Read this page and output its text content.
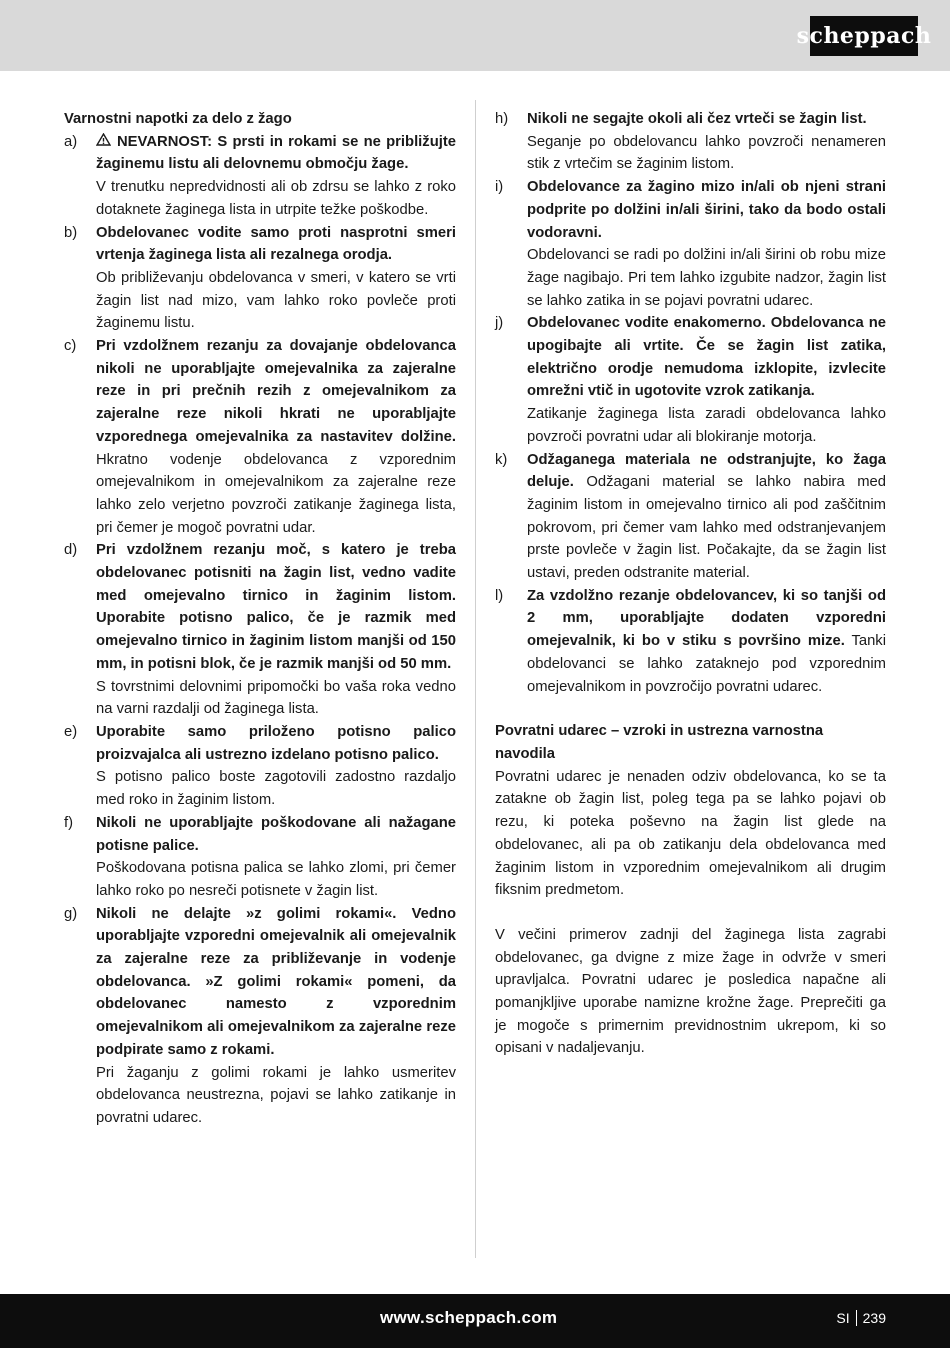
scheppach

Varnostni napotki za delo z žago

a)	NEVARNOST: S prsti in rokami se ne približujte žaginemu listu ali delovnemu območju žage.

V trenutku nepredvidnosti ali ob zdrsu se lahko z roko dotaknete žaginega lista in utrpite težke poškodbe.

b)	Obdelovanec vodite samo proti nasprotni smeri vrtenja žaginega lista ali rezalnega orodja.

Ob približevanju obdelovanca v smeri, v katero se vrti žagin list nad mizo, vam lahko roko povleče proti žaginemu listu.

c)	Pri vzdolžnem rezanju za dovajanje obdelovanca nikoli ne uporabljajte omejevalnika za zajeralne reze in pri prečnih rezih z omejevalnikom za zajeralne reze nikoli hkrati ne uporabljajte vzporednega omejevalnika za nastavitev dolžine. Hkratno vodenje obdelovanca z vzporednim omejevalnikom in omejevalnikom za zajeralne reze lahko zelo verjetno povzroči zatikanje žaginega lista, pri čemer je mogoč povratni udar.

d)	Pri vzdolžnem rezanju moč, s katero je treba obdelovanec potisniti na žagin list, vedno vadite med omejevalno tirnico in žaginim listom. Uporabite potisno palico, če je razmik med omejevalno tirnico in žaginim listom manjši od 150 mm, in potisni blok, če je razmik manjši od 50 mm.

S tovrstnimi delovnimi pripomočki bo vaša roka vedno na varni razdalji od žaginega lista.

e)	Uporabite samo priloženo potisno palico proizvajalca ali ustrezno izdelano potisno palico.

S potisno palico boste zagotovili zadostno razdaljo med roko in žaginim listom.

f)	Nikoli ne uporabljajte poškodovane ali nažagane potisne palice.

Poškodovana potisna palica se lahko zlomi, pri čemer lahko roko po nesreči potisnete v žagin list.

g)	Nikoli ne delajte »z golimi rokami«. Vedno uporabljajte vzporedni omejevalnik ali omejevalnik za zajeralne reze za približevanje in vodenje obdelovanca. »Z golimi rokami« pomeni, da obdelovanec namesto z vzporednim omejevalnikom ali omejevalnikom za zajeralne reze podpirate samo z rokami.

Pri žaganju z golimi rokami je lahko usmeritev obdelovanca neustrezna, pojavi se lahko zatikanje in povratni udarec.

h)	Nikoli ne segajte okoli ali čez vrteči se žagin list.

Seganje po obdelovancu lahko povzroči nenameren stik z vrtečim se žaginim listom.

i)	Obdelovance za žagino mizo in/ali ob njeni strani podprite po dolžini in/ali širini, tako da bodo ostali vodoravni.

Obdelovanci se radi po dolžini in/ali širini ob robu mize žage nagibajo. Pri tem lahko izgubite nadzor, žagin list se lahko zatika in se pojavi povratni udarec.

j)	Obdelovanec vodite enakomerno. Obdelovanca ne upogibajte ali vrtite. Če se žagin list zatika, električno orodje nemudoma izklopite, izvlecite omrežni vtič in ugotovite vzrok zatikanja.

Zatikanje žaginega lista zaradi obdelovanca lahko povzroči povratni udar ali blokiranje motorja.

k)	Odžaganega materiala ne odstranjujte, ko žaga deluje. Odžagani material se lahko nabira med žaginim listom in omejevalno tirnico ali pod zaščitnim pokrovom, pri čemer vam lahko med odstranjevanjem prste povleče v žagin list. Počakajte, da se žagin list ustavi, preden odstranite material.

l)	Za vzdolžno rezanje obdelovancev, ki so tanjši od 2 mm, uporabljajte dodaten vzporedni omejevalnik, ki bo v stiku s površino mize. Tanki obdelovanci se lahko zataknejo pod vzporednim omejevalnikom in povzročijo povratni udarec.

Povratni udarec – vzroki in ustrezna varnostna navodila

Povratni udarec je nenaden odziv obdelovanca, ko se ta zatakne ob žagin list, poleg tega pa se lahko pojavi ob rezu, ki poteka poševno na žagin list glede na obdelovanec, ali pa ob zatikanju dela obdelovanca med žaginim listom in vzporednim omejevalnikom ali drugim fiksnim predmetom.

V večini primerov zadnji del žaginega lista zagrabi obdelovanec, ga dvigne z mize žage in odvrže v smeri upravljalca. Povratni udarec je posledica napačne ali pomanjkljive uporabe namizne krožne žage. Preprečiti ga je mogoče s primernim previdnostnim ukrepom, ki so opisani v nadaljevanju.

www.scheppach.com	SI 239
